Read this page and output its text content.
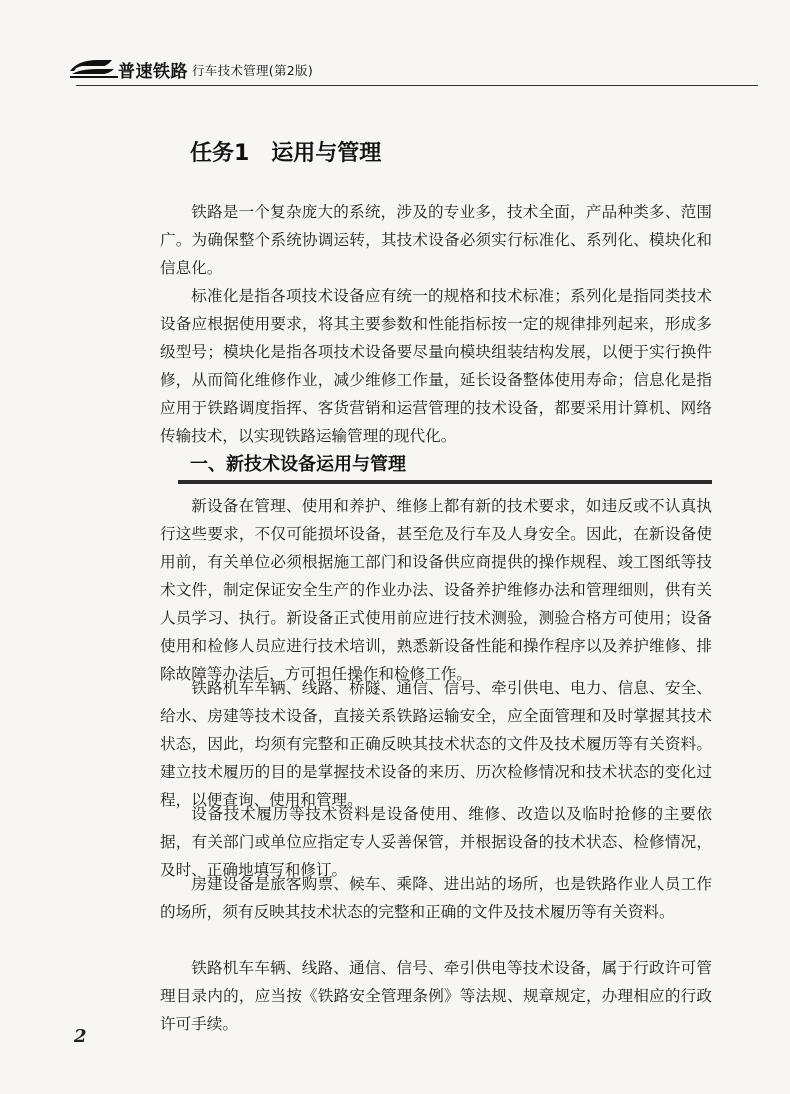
普速铁路 行车技术管理(第2版)
任务1　运用与管理

铁路是一个复杂庞大的系统，涉及的专业多，技术全面，产品种类多、范围广。为确保整个系统协调运转，其技术设备必须实行标准化、系列化、模块化和信息化。

标准化是指各项技术设备应有统一的规格和技术标准；系列化是指同类技术设备应根据使用要求，将其主要参数和性能指标按一定的规律排列起来，形成多级型号；模块化是指各项技术设备要尽量向模块组装结构发展，以便于实行换件修，从而简化维修作业，减少维修工作量，延长设备整体使用寿命；信息化是指应用于铁路调度指挥、客货营销和运营管理的技术设备，都要采用计算机、网络传输技术，以实现铁路运输管理的现代化。

一、新技术设备运用与管理

新设备在管理、使用和养护、维修上都有新的技术要求，如违反或不认真执行这些要求，不仅可能损坏设备，甚至危及行车及人身安全。因此，在新设备使用前，有关单位必须根据施工部门和设备供应商提供的操作规程、竣工图纸等技术文件，制定保证安全生产的作业办法、设备养护维修办法和管理细则，供有关人员学习、执行。新设备正式使用前应进行技术测验，测验合格方可使用；设备使用和检修人员应进行技术培训，熟悉新设备性能和操作程序以及养护维修、排除故障等办法后，方可担任操作和检修工作。

铁路机车车辆、线路、桥隧、通信、信号、牵引供电、电力、信息、安全、给水、房建等技术设备，直接关系铁路运输安全，应全面管理和及时掌握其技术状态，因此，均须有完整和正确反映其技术状态的文件及技术履历等有关资料。建立技术履历的目的是掌握技术设备的来历、历次检修情况和技术状态的变化过程，以便查询、使用和管理。

设备技术履历等技术资料是设备使用、维修、改造以及临时抢修的主要依据，有关部门或单位应指定专人妥善保管，并根据设备的技术状态、检修情况，及时、正确地填写和修订。

房建设备是旅客购票、候车、乘降、进出站的场所，也是铁路作业人员工作的场所，须有反映其技术状态的完整和正确的文件及技术履历等有关资料。

铁路机车车辆、线路、通信、信号、牵引供电等技术设备，属于行政许可管理目录内的，应当按《铁路安全管理条例》等法规、规章规定，办理相应的行政许可手续。

2
